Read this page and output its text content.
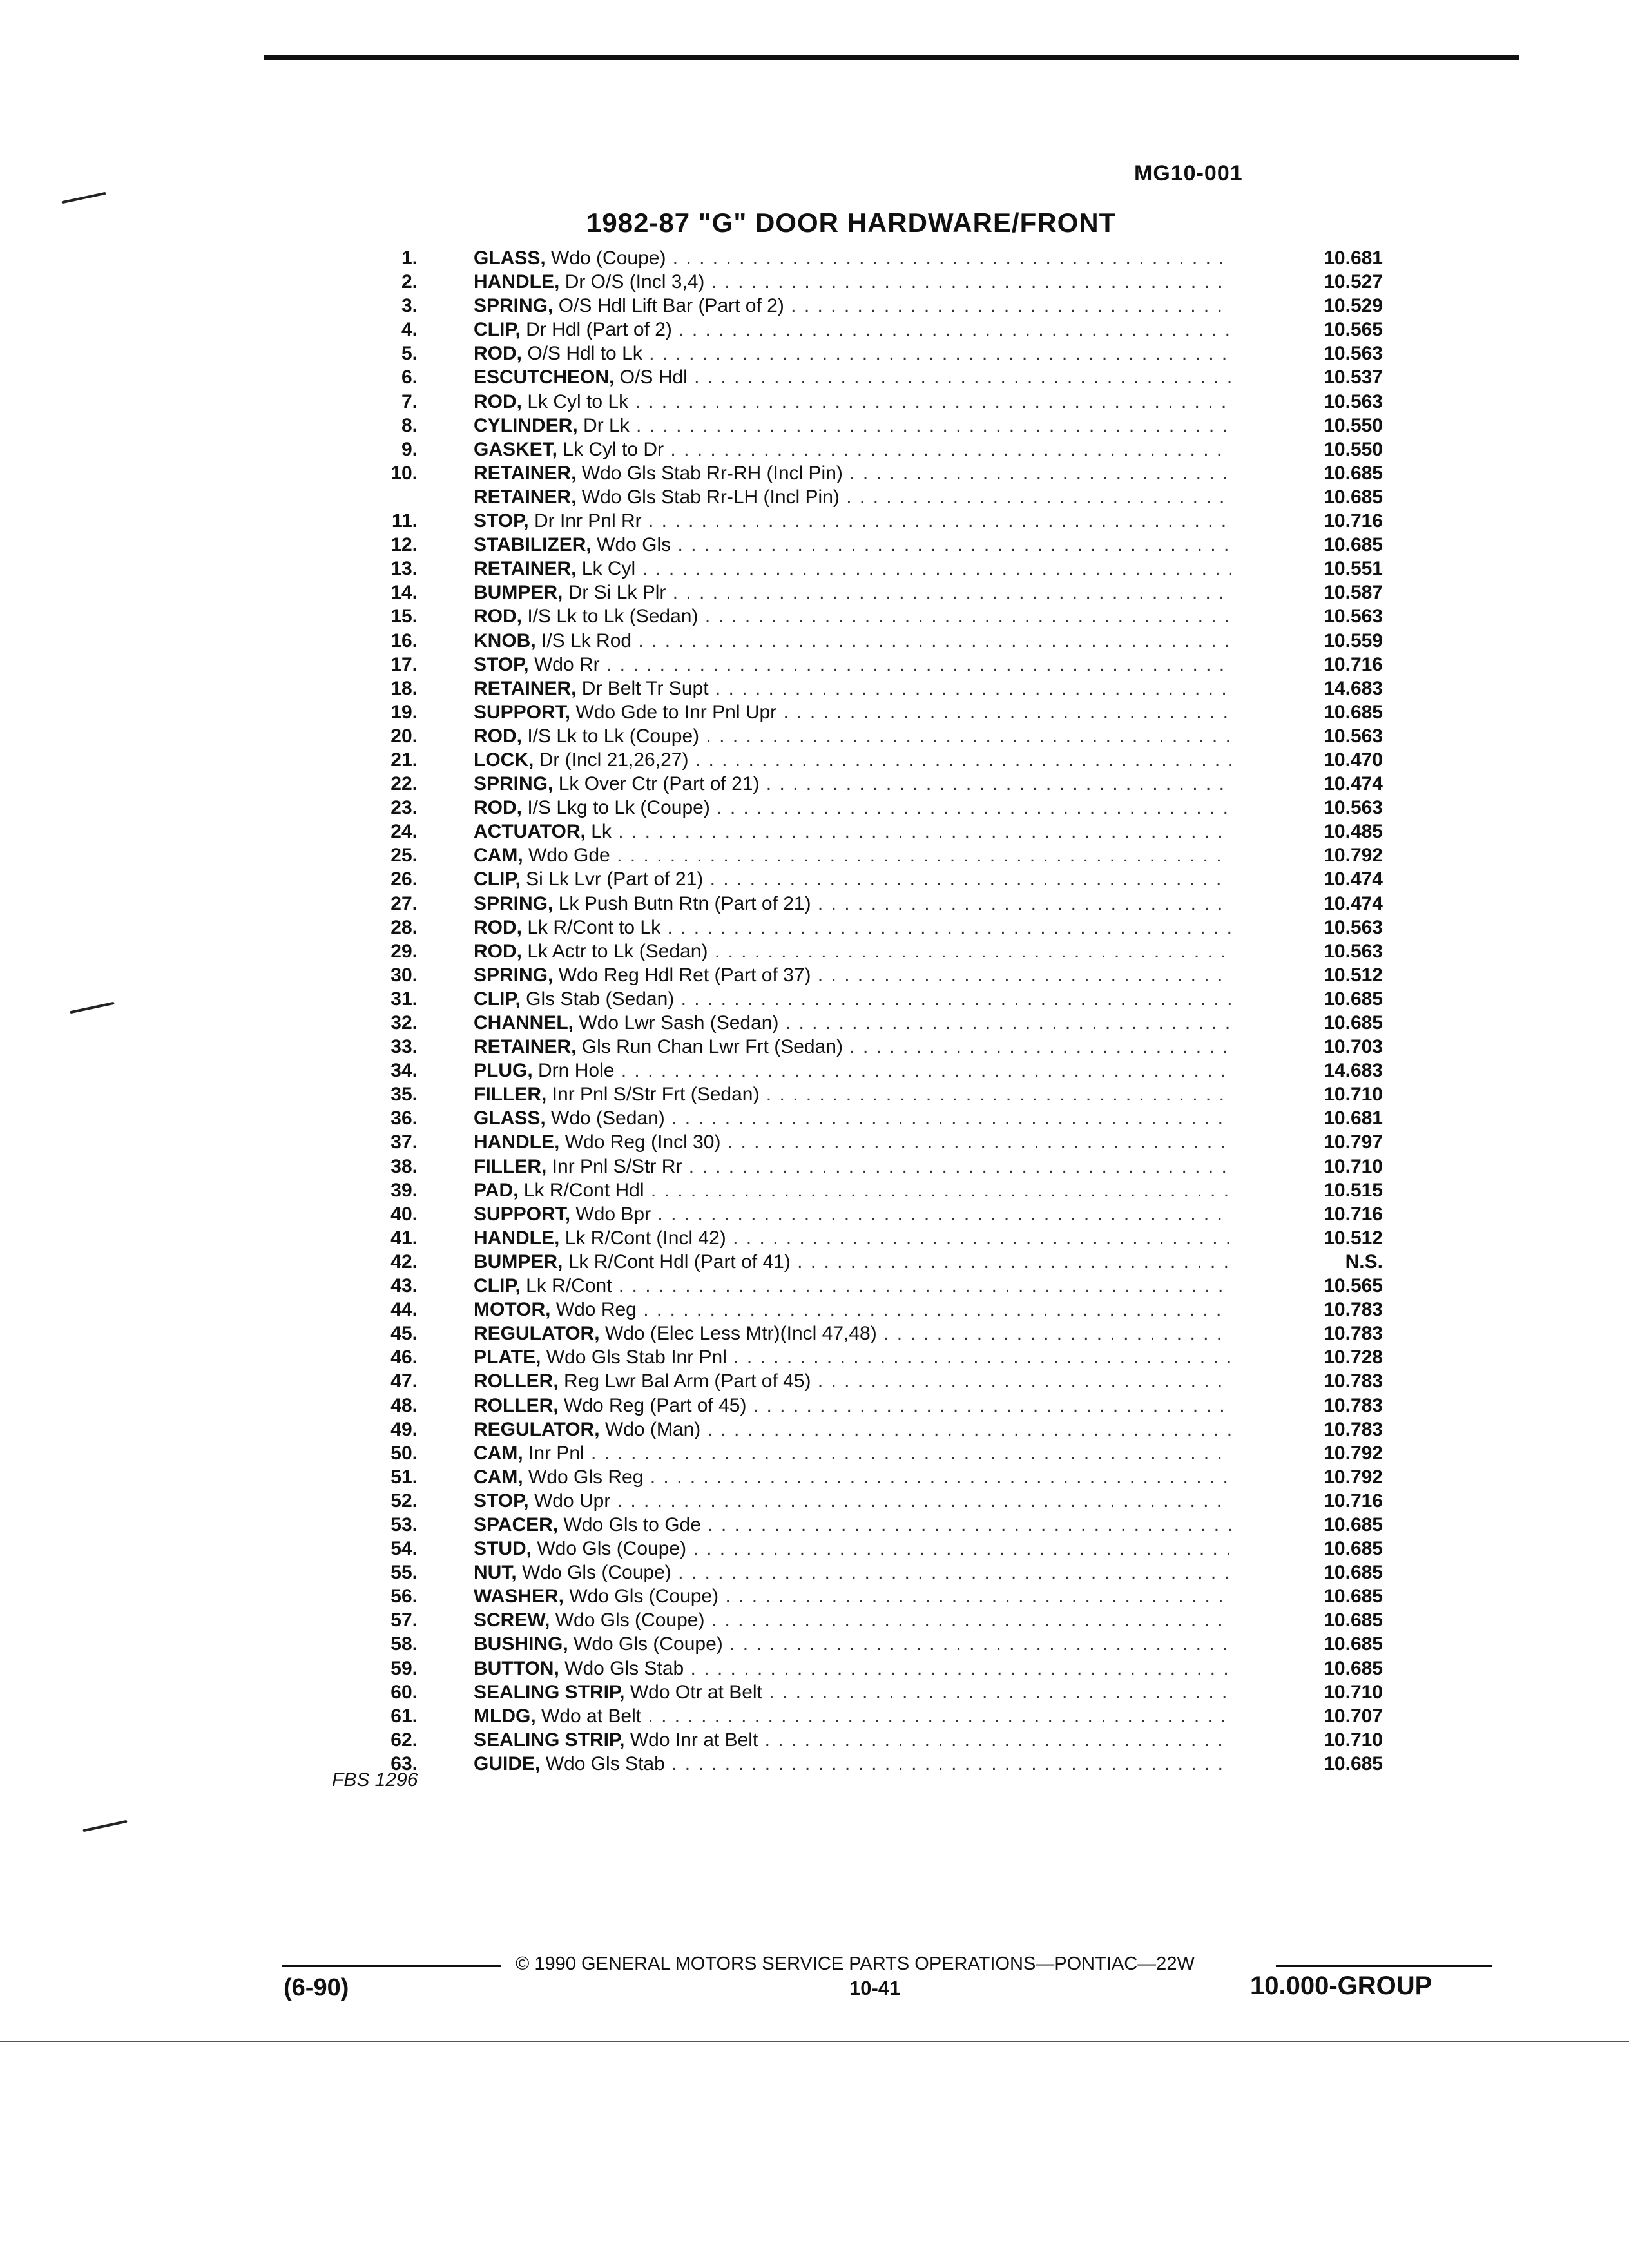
MG10-001
1982-87 "G" DOOR HARDWARE/FRONT
1.	GLASS, Wdo (Coupe) . . .	10.681
2.	HANDLE, Dr O/S (Incl 3,4) . . .	10.527
3.	SPRING, O/S Hdl Lift Bar (Part of 2) . . .	10.529
4.	CLIP, Dr Hdl (Part of 2) . . .	10.565
5.	ROD, O/S Hdl to Lk . . .	10.563
6.	ESCUTCHEON, O/S Hdl . . .	10.537
7.	ROD, Lk Cyl to Lk . . .	10.563
8.	CYLINDER, Dr Lk . . .	10.550
9.	GASKET, Lk Cyl to Dr . . .	10.550
10.	RETAINER, Wdo Gls Stab Rr-RH (Incl Pin) . . .	10.685
RETAINER, Wdo Gls Stab Rr-LH (Incl Pin) . . .	10.685
11.	STOP, Dr Inr Pnl Rr . . .	10.716
12.	STABILIZER, Wdo Gls . . .	10.685
13.	RETAINER, Lk Cyl . . .	10.551
14.	BUMPER, Dr Si Lk Plr . . .	10.587
15.	ROD, I/S Lk to Lk (Sedan) . . .	10.563
16.	KNOB, I/S Lk Rod . . .	10.559
17.	STOP, Wdo Rr . . .	10.716
18.	RETAINER, Dr Belt Tr Supt . . .	14.683
19.	SUPPORT, Wdo Gde to Inr Pnl Upr . . .	10.685
20.	ROD, I/S Lk to Lk (Coupe) . . .	10.563
21.	LOCK, Dr (Incl 21,26,27) . . .	10.470
22.	SPRING, Lk Over Ctr (Part of 21) . . .	10.474
23.	ROD, I/S Lkg to Lk (Coupe) . . .	10.563
24.	ACTUATOR, Lk . . .	10.485
25.	CAM, Wdo Gde . . .	10.792
26.	CLIP, Si Lk Lvr (Part of 21) . . .	10.474
27.	SPRING, Lk Push Butn Rtn (Part of 21) . . .	10.474
28.	ROD, Lk R/Cont to Lk . . .	10.563
29.	ROD, Lk Actr to Lk (Sedan) . . .	10.563
30.	SPRING, Wdo Reg Hdl Ret (Part of 37) . . .	10.512
31.	CLIP, Gls Stab (Sedan) . . .	10.685
32.	CHANNEL, Wdo Lwr Sash (Sedan) . . .	10.685
33.	RETAINER, Gls Run Chan Lwr Frt (Sedan) . . .	10.703
34.	PLUG, Drn Hole . . .	14.683
35.	FILLER, Inr Pnl S/Str Frt (Sedan) . . .	10.710
36.	GLASS, Wdo (Sedan) . . .	10.681
37.	HANDLE, Wdo Reg (Incl 30) . . .	10.797
38.	FILLER, Inr Pnl S/Str Rr . . .	10.710
39.	PAD, Lk R/Cont Hdl . . .	10.515
40.	SUPPORT, Wdo Bpr . . .	10.716
41.	HANDLE, Lk R/Cont (Incl 42) . . .	10.512
42.	BUMPER, Lk R/Cont Hdl (Part of 41) . . .	N.S.
43.	CLIP, Lk R/Cont . . .	10.565
44.	MOTOR, Wdo Reg . . .	10.783
45.	REGULATOR, Wdo (Elec Less Mtr)(Incl 47,48) . . .	10.783
46.	PLATE, Wdo Gls Stab Inr Pnl . . .	10.728
47.	ROLLER, Reg Lwr Bal Arm (Part of 45) . . .	10.783
48.	ROLLER, Wdo Reg (Part of 45) . . .	10.783
49.	REGULATOR, Wdo (Man) . . .	10.783
50.	CAM, Inr Pnl . . .	10.792
51.	CAM, Wdo Gls Reg . . .	10.792
52.	STOP, Wdo Upr . . .	10.716
53.	SPACER, Wdo Gls to Gde . . .	10.685
54.	STUD, Wdo Gls (Coupe) . . .	10.685
55.	NUT, Wdo Gls (Coupe) . . .	10.685
56.	WASHER, Wdo Gls (Coupe) . . .	10.685
57.	SCREW, Wdo Gls (Coupe) . . .	10.685
58.	BUSHING, Wdo Gls (Coupe) . . .	10.685
59.	BUTTON, Wdo Gls Stab . . .	10.685
60.	SEALING STRIP, Wdo Otr at Belt . . .	10.710
61.	MLDG, Wdo at Belt . . .	10.707
62.	SEALING STRIP, Wdo Inr at Belt . . .	10.710
63.	GUIDE, Wdo Gls Stab . . .	10.685
FBS 1296
© 1990 GENERAL MOTORS SERVICE PARTS OPERATIONS—PONTIAC—22W
(6-90)	10-41	10.000-GROUP
